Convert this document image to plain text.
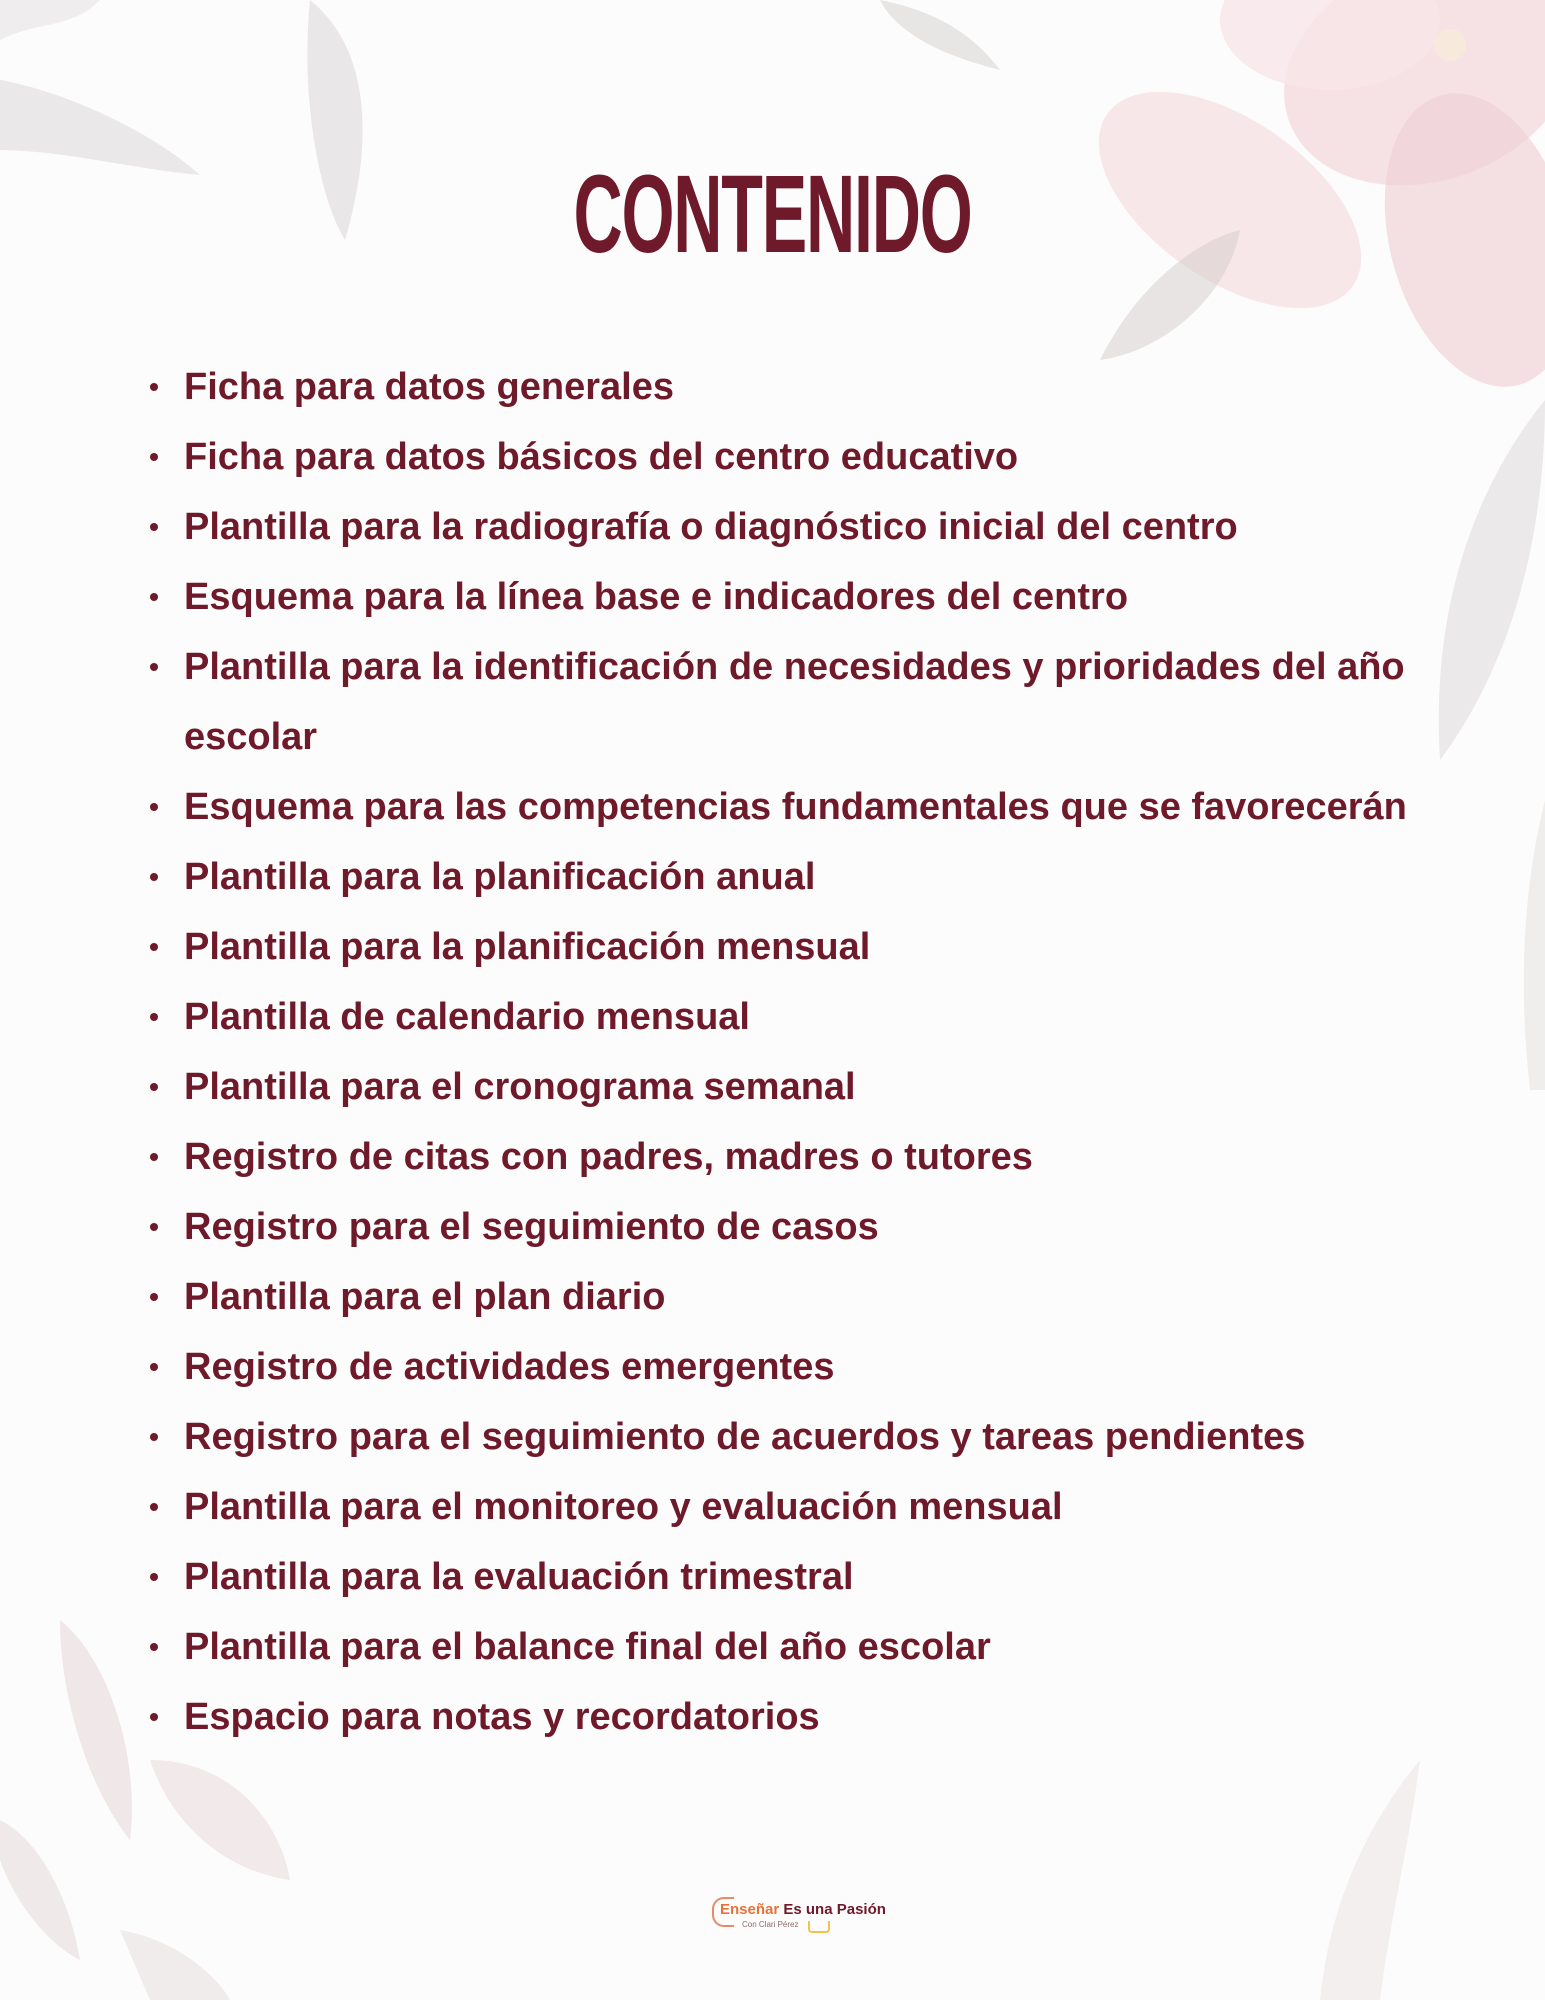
CONTENIDO
Ficha para datos generales
Ficha para datos básicos del centro educativo
Plantilla para la radiografía o diagnóstico inicial del centro
Esquema para la línea base e indicadores del centro
Plantilla para la identificación de necesidades y prioridades del año escolar
Esquema para las competencias fundamentales que se favorecerán
Plantilla para la planificación anual
Plantilla para la planificación mensual
Plantilla de calendario mensual
Plantilla para el cronograma semanal
Registro de citas con padres, madres o tutores
Registro para el seguimiento de casos
Plantilla para el plan diario
Registro de actividades emergentes
Registro para el seguimiento de acuerdos y tareas pendientes
Plantilla para el monitoreo y evaluación mensual
Plantilla para la evaluación trimestral
Plantilla para el balance final del año escolar
Espacio para notas y recordatorios
Enseñar Es una Pasión
Con Clari Pérez
